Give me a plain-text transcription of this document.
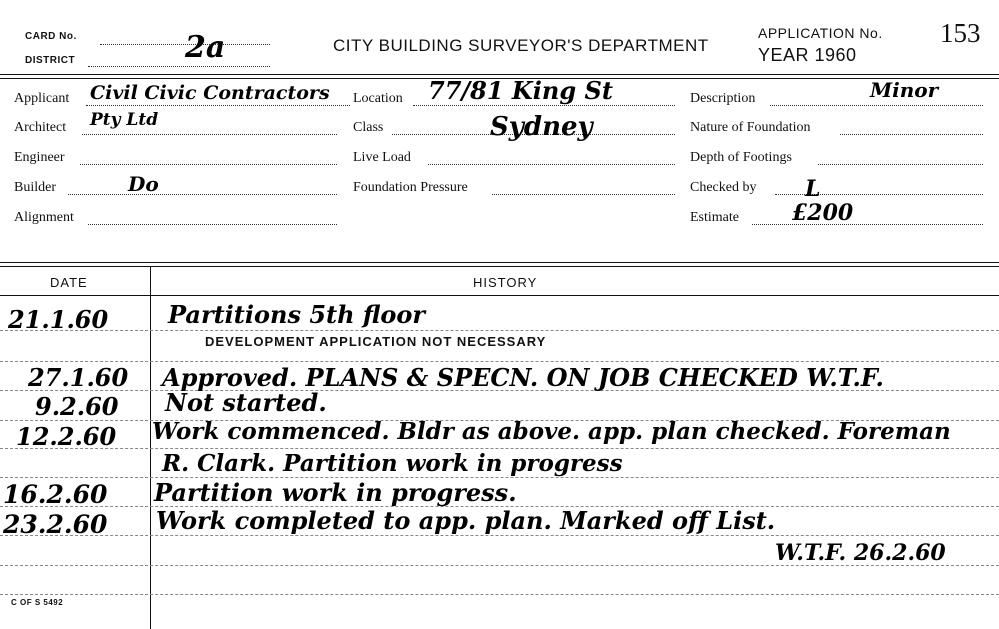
CARD No.
DISTRICT	2a	CITY BUILDING SURVEYOR'S DEPARTMENT
APPLICATION No. 153
YEAR 1960
Applicant Civil Civic Contractors
Architect Pty Ltd
Engineer
Builder	Do
Alignment
Location 77/81 King St
Class	Sydney
Live Load
Foundation Pressure
Description	Minor
Nature of Foundation
Depth of Footings
Checked by L
Estimate £200
DATE	HISTORY
21.1.60 Partitions 5th floor
DEVELOPMENT APPLICATION NOT NECESSARY
27.1.60 Approved. PLANS & SPECN. ON JOB CHECKED W.T.F.
9.2.60 Not started.
12.2.60 Work commenced. Bldr as above. app. plan checked. Foreman
R. Clark. Partition work in progress
16.2.60 Partition work in progress.
23.2.60 Work completed to app. plan. Marked off List.
W.T.F. 26.2.60
C OF S 5492
